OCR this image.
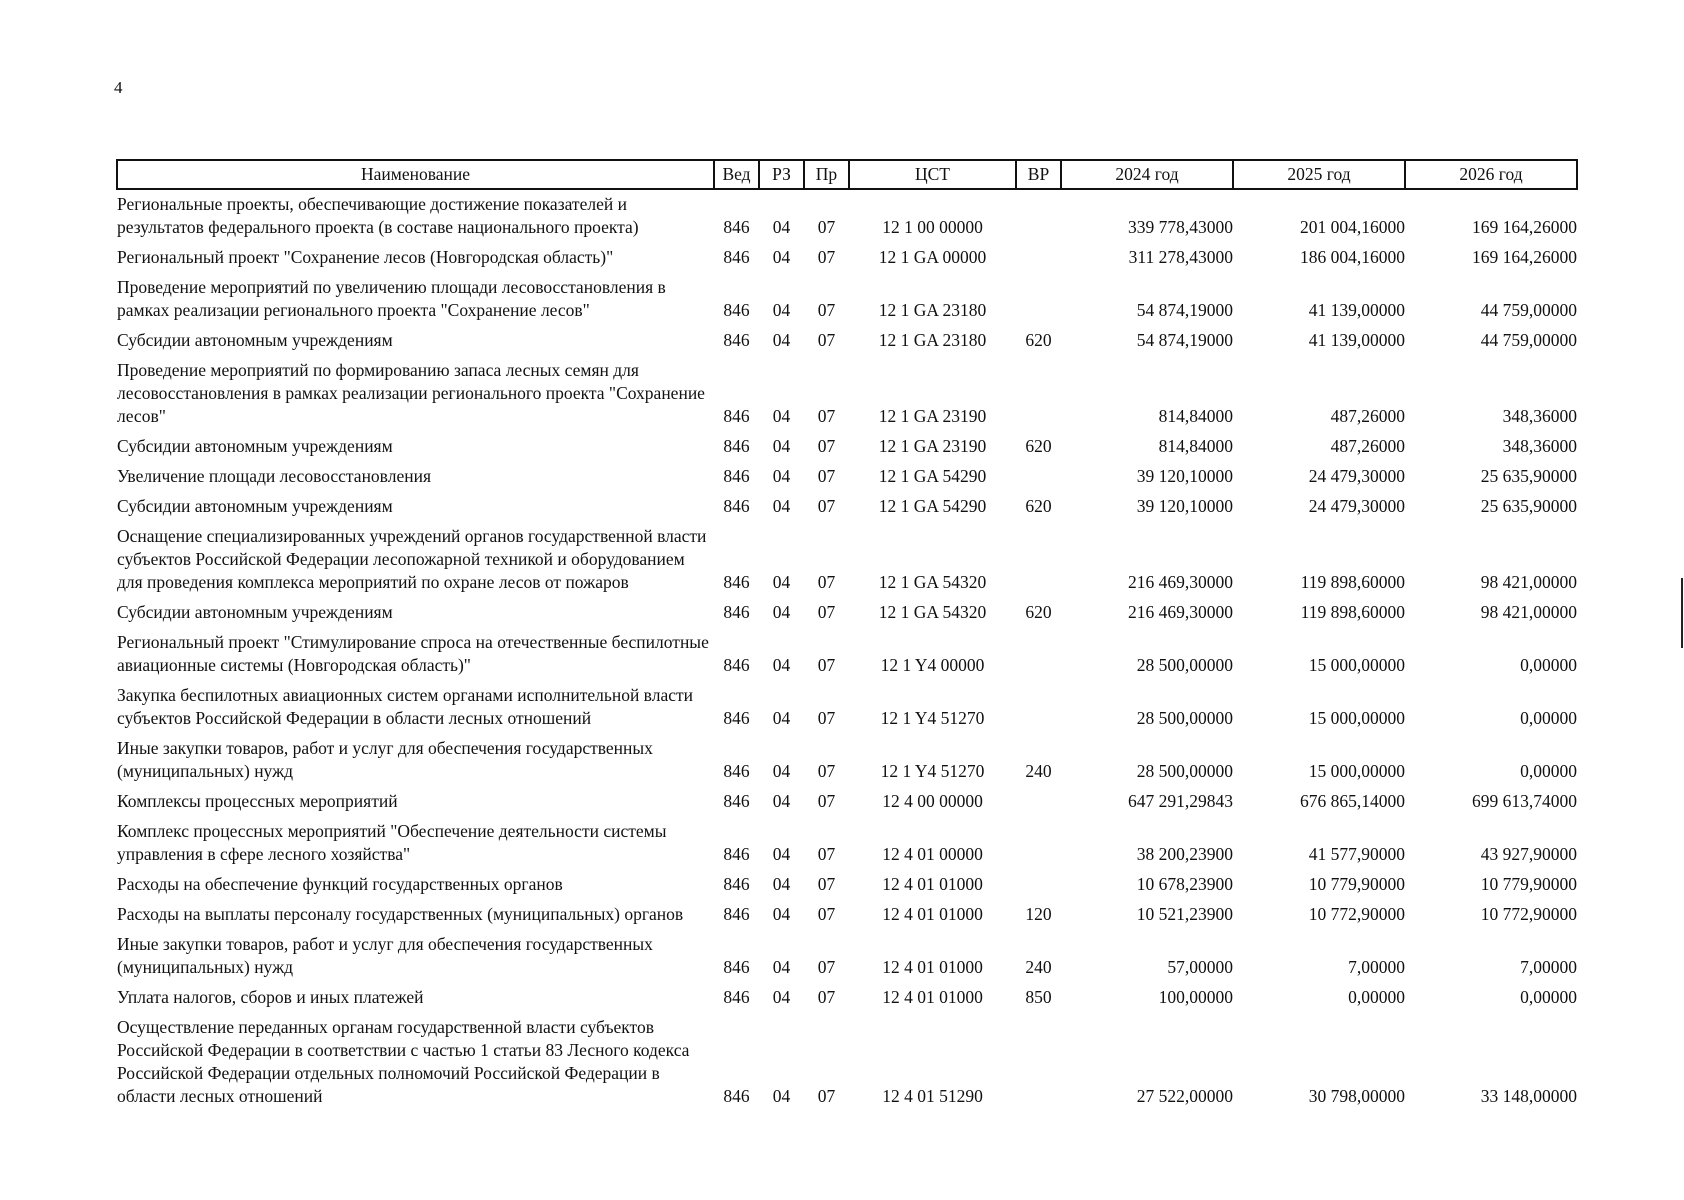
4
Наименование	Вед	РЗ	Пр	ЦСТ	ВР	2024 год	2025 год	2026 год
Региональные проекты, обеспечивающие достижение показателей и результатов федерального проекта (в составе национального проекта)	846	04	07	12 1 00 00000		339 778,43000	201 004,16000	169 164,26000
Региональный проект "Сохранение лесов (Новгородская область)"	846	04	07	12 1 GA 00000		311 278,43000	186 004,16000	169 164,26000
Проведение мероприятий по увеличению площади лесовосстановления в рамках реализации регионального проекта "Сохранение лесов"	846	04	07	12 1 GA 23180		54 874,19000	41 139,00000	44 759,00000
Субсидии автономным учреждениям	846	04	07	12 1 GA 23180	620	54 874,19000	41 139,00000	44 759,00000
Проведение мероприятий по формированию запаса лесных семян для лесовосстановления в рамках реализации регионального проекта "Сохранение лесов"	846	04	07	12 1 GA 23190		814,84000	487,26000	348,36000
Субсидии автономным учреждениям	846	04	07	12 1 GA 23190	620	814,84000	487,26000	348,36000
Увеличение площади лесовосстановления	846	04	07	12 1 GA 54290		39 120,10000	24 479,30000	25 635,90000
Субсидии автономным учреждениям	846	04	07	12 1 GA 54290	620	39 120,10000	24 479,30000	25 635,90000
Оснащение специализированных учреждений органов государственной власти субъектов Российской Федерации лесопожарной техникой и оборудованием для проведения комплекса мероприятий по охране лесов от пожаров	846	04	07	12 1 GA 54320		216 469,30000	119 898,60000	98 421,00000
Субсидии автономным учреждениям	846	04	07	12 1 GA 54320	620	216 469,30000	119 898,60000	98 421,00000
Региональный проект "Стимулирование спроса на отечественные беспилотные авиационные системы (Новгородская область)"	846	04	07	12 1 Y4 00000		28 500,00000	15 000,00000	0,00000
Закупка беспилотных авиационных систем органами исполнительной власти субъектов Российской Федерации в области лесных отношений	846	04	07	12 1 Y4 51270		28 500,00000	15 000,00000	0,00000
Иные закупки товаров, работ и услуг для обеспечения государственных (муниципальных) нужд	846	04	07	12 1 Y4 51270	240	28 500,00000	15 000,00000	0,00000
Комплексы процессных мероприятий	846	04	07	12 4 00 00000		647 291,29843	676 865,14000	699 613,74000
Комплекс процессных мероприятий "Обеспечение деятельности системы управления в сфере лесного хозяйства"	846	04	07	12 4 01 00000		38 200,23900	41 577,90000	43 927,90000
Расходы на обеспечение функций государственных органов	846	04	07	12 4 01 01000		10 678,23900	10 779,90000	10 779,90000
Расходы на выплаты персоналу государственных (муниципальных) органов	846	04	07	12 4 01 01000	120	10 521,23900	10 772,90000	10 772,90000
Иные закупки товаров, работ и услуг для обеспечения государственных (муниципальных) нужд	846	04	07	12 4 01 01000	240	57,00000	7,00000	7,00000
Уплата налогов, сборов и иных платежей	846	04	07	12 4 01 01000	850	100,00000	0,00000	0,00000
Осуществление переданных органам государственной власти субъектов Российской Федерации в соответствии с частью 1 статьи 83 Лесного кодекса Российской Федерации отдельных полномочий Российской Федерации в области лесных отношений	846	04	07	12 4 01 51290		27 522,00000	30 798,00000	33 148,00000
